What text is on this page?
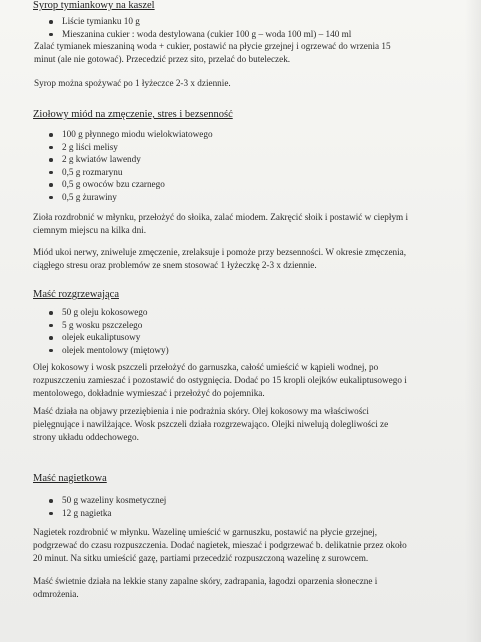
Syrop tymiankowy na kaszel
Liście tymianku 10 g
Mieszanina cukier : woda destylowana (cukier 100 g – woda 100 ml) – 140 ml
Zalać tymianek mieszaniną woda + cukier, postawić na płycie grzejnej i ogrzewać do wrzenia 15
minut (ale nie gotować). Przecedzić przez sito, przelać do buteleczek.
Syrop można spożywać po 1 łyżeczce 2-3 x dziennie.
Ziołowy miód na zmęczenie, stres i bezsenność
100 g płynnego miodu wielokwiatowego
2 g liści melisy
2 g kwiatów lawendy
0,5 g rozmarynu
0,5 g owoców bzu czarnego
0,5 g żurawiny
Zioła rozdrobnić w młynku, przełożyć do słoika, zalać miodem. Zakręcić słoik i postawić w ciepłym i
ciemnym miejscu na kilka dni.
Miód ukoi nerwy, zniweluje zmęczenie, zrelaksuje i pomoże przy bezsenności. W okresie zmęczenia,
ciągłego stresu oraz problemów ze snem stosować 1 łyżeczkę 2-3 x dziennie.
Maść rozgrzewająca
50 g oleju kokosowego
5 g wosku pszczelego
olejek eukaliptusowy
olejek mentolowy (miętowy)
Olej kokosowy i wosk pszczeli przełożyć do garnuszka, całość umieścić w kąpieli wodnej, po
rozpuszczeniu zamieszać i pozostawić do ostygnięcia. Dodać po 15 kropli olejków eukaliptusowego i
mentolowego, dokładnie wymieszać i przełożyć do pojemnika.
Maść działa na objawy przeziębienia i nie podrażnia skóry. Olej kokosowy ma właściwości
pielęgnujące i nawilżające. Wosk pszczeli działa rozgrzewająco. Olejki niwelują dolegliwości ze
strony układu oddechowego.
Maść nagietkowa
50 g wazeliny kosmetycznej
12 g nagietka
Nagietek rozdrobnić w młynku. Wazelinę umieścić w garnuszku, postawić na płycie grzejnej,
podgrzewać do czasu rozpuszczenia. Dodać nagietek, mieszać i podgrzewać b. delikatnie przez około
20 minut. Na sitku umieścić gazę, partiami przecedzić rozpuszczoną wazelinę z surowcem.
Maść świetnie działa na lekkie stany zapalne skóry, zadrapania, łagodzi oparzenia słoneczne i
odmrożenia.
